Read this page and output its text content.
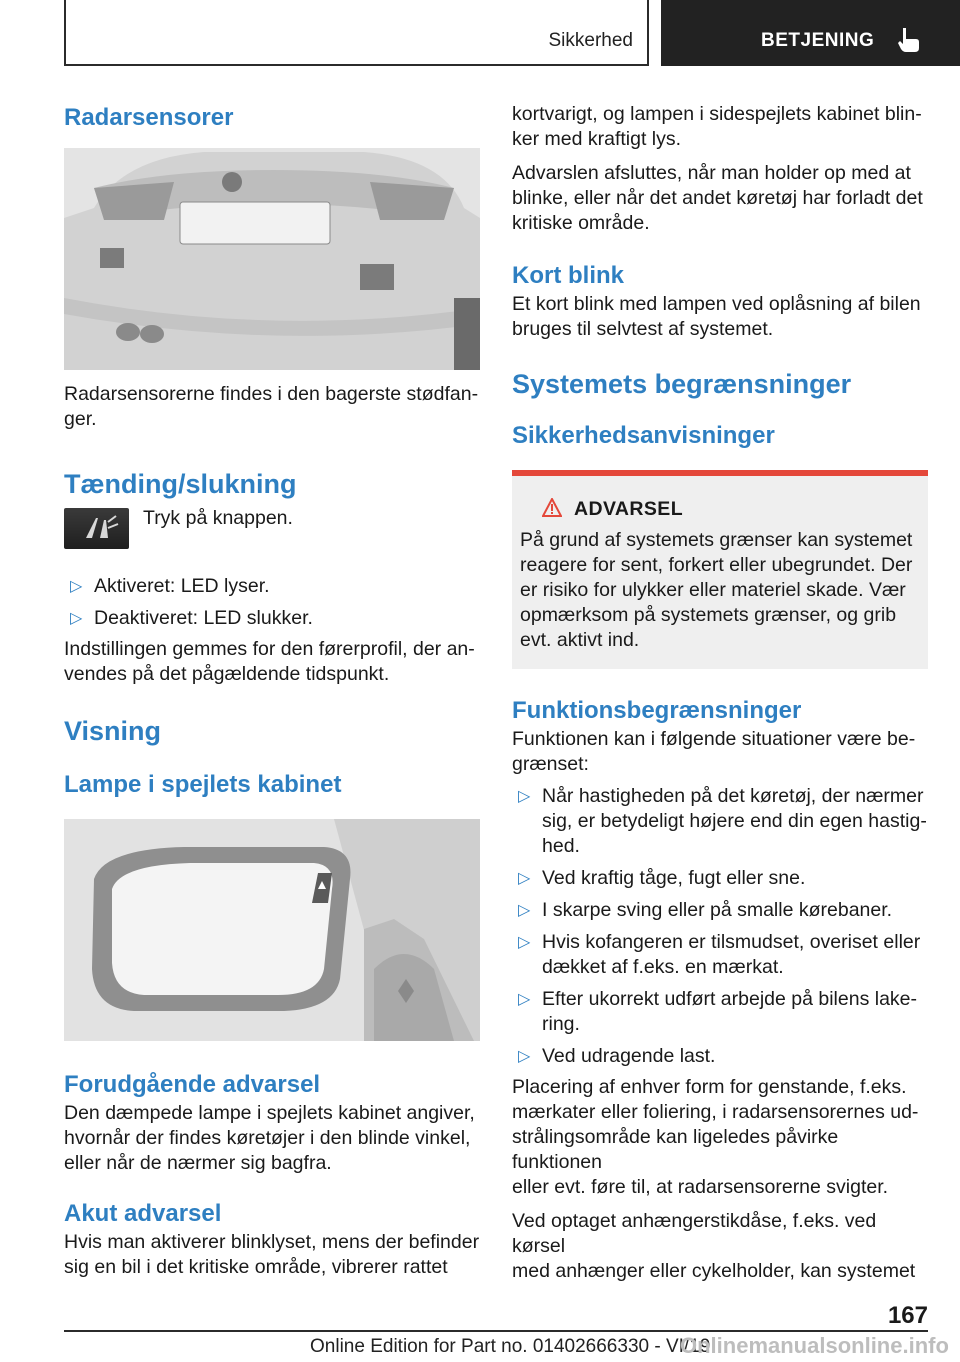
Sikkerhed	BETJENING
Radarsensorer

Radarsensorerne findes i den bagerste stødfan-
ger.

Tænding/slukning

Tryk på knappen.

▷ Aktiveret: LED lyser.
▷ Deaktiveret: LED slukker.

Indstillingen gemmes for den førerprofil, der an-
vendes på det pågældende tidspunkt.

Visning
Lampe i spejlets kabinet
Forudgående advarsel

Den dæmpede lampe i spejlets kabinet angiver,
hvornår der findes køretøjer i den blinde vinkel,
eller når de nærmer sig bagfra.

Akut advarsel

Hvis man aktiverer blinklyset, mens der befinder
sig en bil i det kritiske område, vibrerer rattet

kortvarigt, og lampen i sidespejlets kabinet blin-
ker med kraftigt lys.

Advarslen afsluttes, når man holder op med at
blinke, eller når det andet køretøj har forladt det
kritiske område.

Kort blink

Et kort blink med lampen ved oplåsning af bilen
bruges til selvtest af systemet.

Systemets begrænsninger
Sikkerhedsanvisninger
ADVARSEL

På grund af systemets grænser kan systemet
reagere for sent, forkert eller ubegrundet. Der
er risiko for ulykker eller materiel skade. Vær
opmærksom på systemets grænser, og grib
evt. aktivt ind.

Funktionsbegrænsninger

Funktionen kan i følgende situationer være be-
grænset:

▷ Når hastigheden på det køretøj, der nærmer
sig, er betydeligt højere end din egen hastig-
hed.
▷ Ved kraftig tåge, fugt eller sne.
▷ I skarpe sving eller på smalle kørebaner.
▷ Hvis kofangeren er tilsmudset, overiset eller
dækket af f.eks. en mærkat.
▷ Efter ukorrekt udført arbejde på bilens lake-
ring.
▷ Ved udragende last.

Placering af enhver form for genstande, f.eks.
mærkater eller foliering, i radarsensorernes ud-
strålingsområde kan ligeledes påvirke funktionen
eller evt. føre til, at radarsensorerne svigter.

Ved optaget anhængerstikdåse, f.eks. ved kørsel
med anhænger eller cykelholder, kan systemet

167
Online Edition for Part no. 01402666330 - VI/19
Onlinemanualsonline.info
